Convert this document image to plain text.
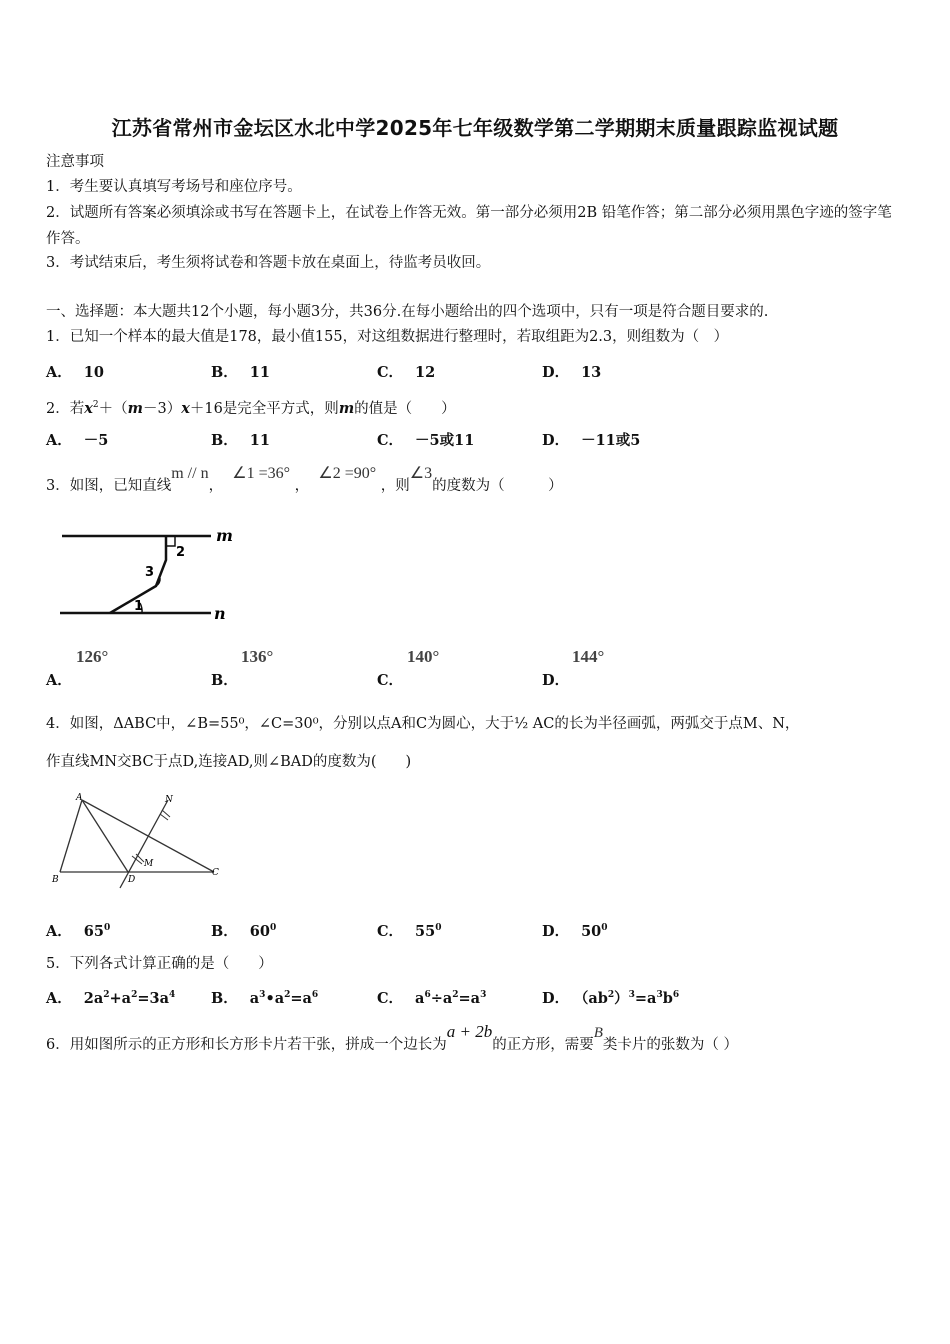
江苏省常州市金坛区水北中学2025年七年级数学第二学期期末质量跟踪监视试题
注意事项
1．考生要认真填写考场号和座位序号。
2．试题所有答案必须填涂或书写在答题卡上，在试卷上作答无效。第一部分必须用2B 铅笔作答；第二部分必须用黑色字迹的签字笔作答。
3．考试结束后，考生须将试卷和答题卡放在桌面上，待监考员收回。
一、选择题：本大题共12个小题，每小题3分，共36分.在每小题给出的四个选项中，只有一项是符合题目要求的.
1．已知一个样本的最大值是178，最小值155，对这组数据进行整理时，若取组距为2.3，则组数为（　）
A． 10	B． 11	C． 12	D． 13
2．若$x^2+(m-3)x+16$是完全平方式，则m的值是（　　）
A． －5	B． 11	C． －5或11	D． －11或5
3．如图，已知直线m // n，  ∠1 =36° ，  ∠2 =90° ，则∠3的度数为（　　　）
m
n
1
2
3
A．
126°
B．
136°
C．
140°
D．
144°
4．如图，ΔABC中，∠B=55⁰，∠C=30⁰，分别以点A和C为圆心，大于½ AC的长为半径画弧，两弧交于点M、N，
作直线MN交BC于点D,连接AD,则∠BAD的度数为(　　)
A
B
C
D
M
N
A． $65^0$	B． $60^0$	C． $55^0$	D． $50^0$
5．下列各式计算正确的是（　　）
A． $2a^2+a^2=3a^4$ B． $a^3•a^2=a^6$	C． $a^6\div a^2=a^3$	D． $(ab^2)^3=a^3b^6$
6．用如图所示的正方形和长方形卡片若干张，拼成一个边长为a + 2b的正方形，需要B类卡片的张数为（ ）
